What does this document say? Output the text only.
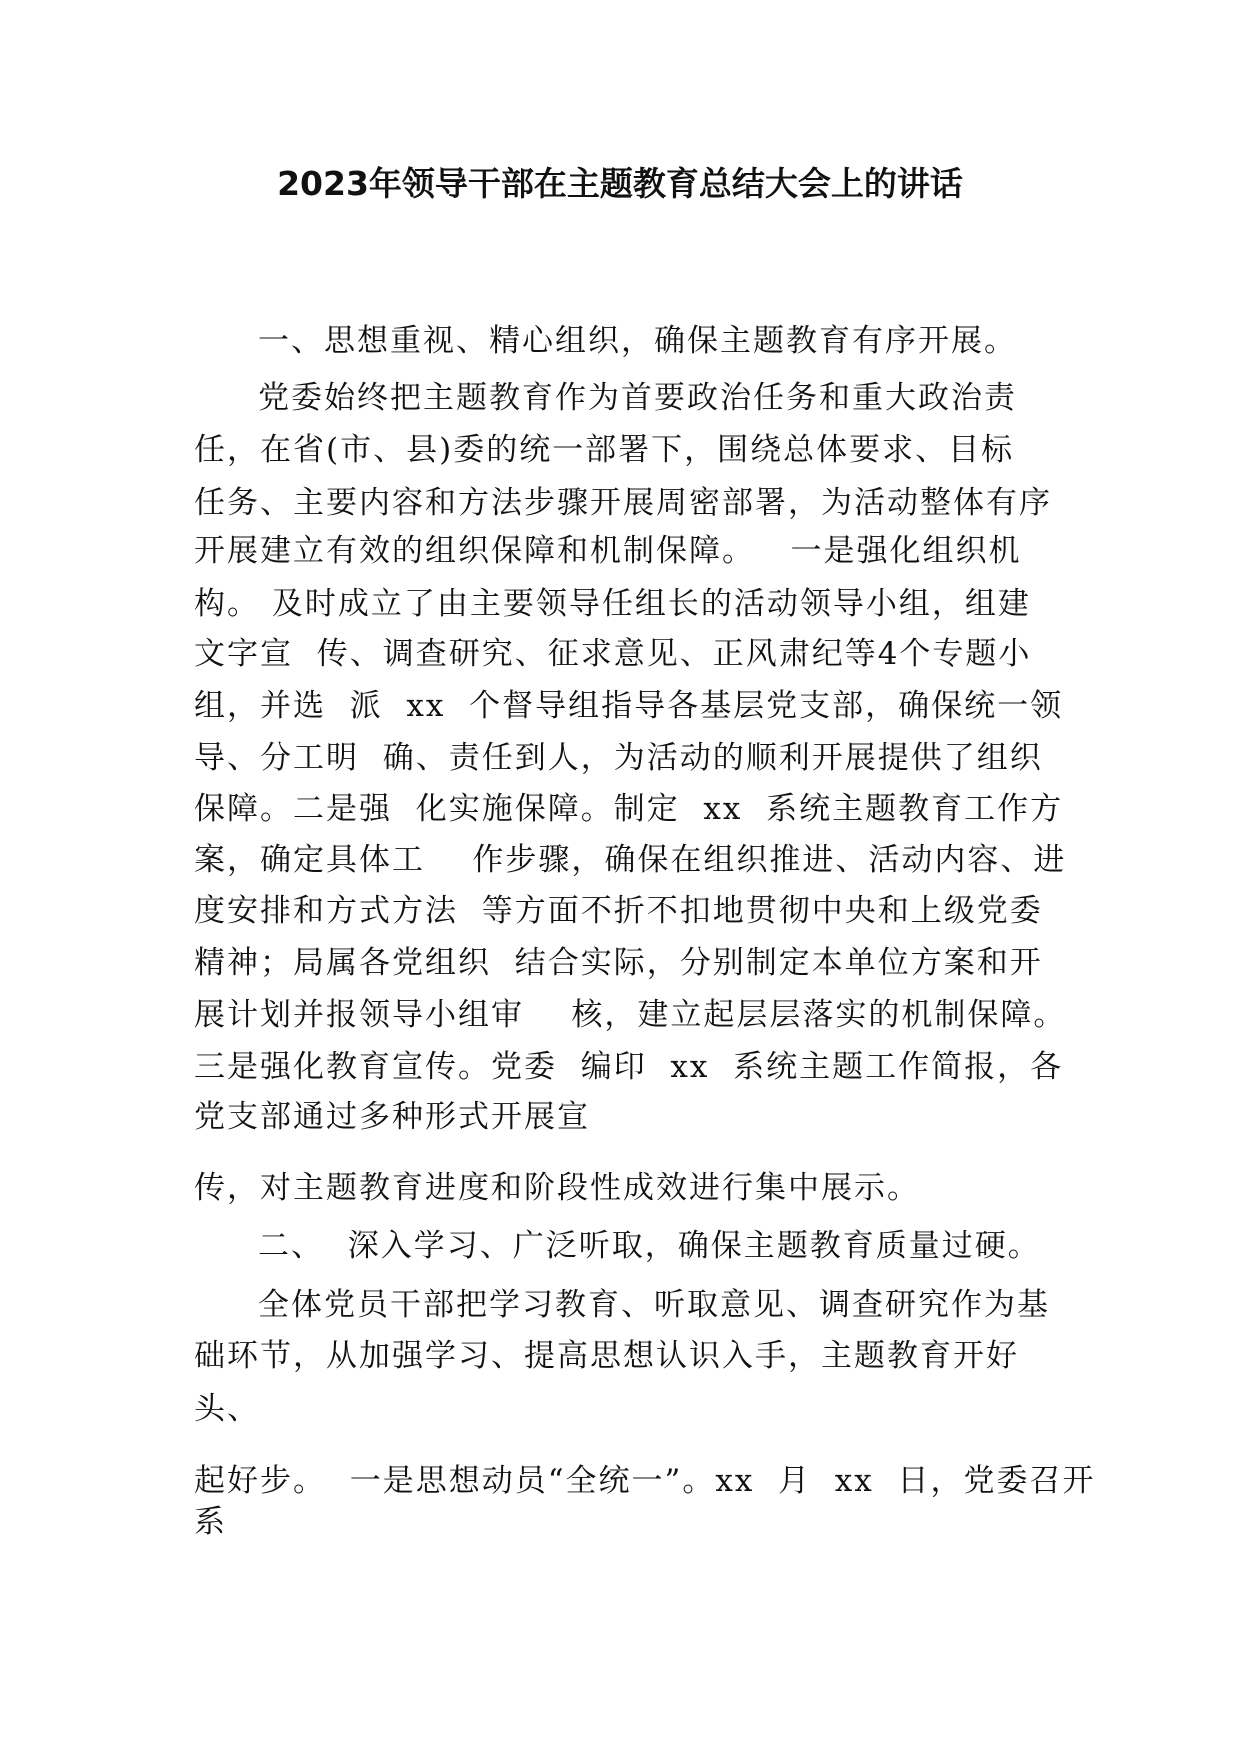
2023年领导干部在主题教育总结大会上的讲话
一、思想重视、精心组织，确保主题教育有序开展。
党委始终把主题教育作为首要政治任务和重大政治责
任，在省(市、县)委的统一部署下，围绕总体要求、目标
任务、主要内容和方法步骤开展周密部署，为活动整体有序
开展建立有效的组织保障和机制保障。   一是强化组织机
构。 及时成立了由主要领导任组长的活动领导小组，组建
文字宣  传、调查研究、征求意见、正风肃纪等4个专题小
组，并选  派  xx  个督导组指导各基层党支部，确保统一领
导、分工明  确、责任到人，为活动的顺利开展提供了组织
保障。二是强  化实施保障。制定  xx  系统主题教育工作方
案，确定具体工    作步骤，确保在组织推进、活动内容、进
度安排和方式方法  等方面不折不扣地贯彻中央和上级党委
精神；局属各党组织  结合实际，分别制定本单位方案和开
展计划并报领导小组审    核，建立起层层落实的机制保障。
三是强化教育宣传。党委  编印  xx  系统主题工作简报，各
党支部通过多种形式开展宣
传，对主题教育进度和阶段性成效进行集中展示。
二、  深入学习、广泛听取，确保主题教育质量过硬。
全体党员干部把学习教育、听取意见、调查研究作为基
础环节，从加强学习、提高思想认识入手，主题教育开好
头、
起好步。  一是思想动员“全统一”。xx  月  xx  日，党委召开
系
